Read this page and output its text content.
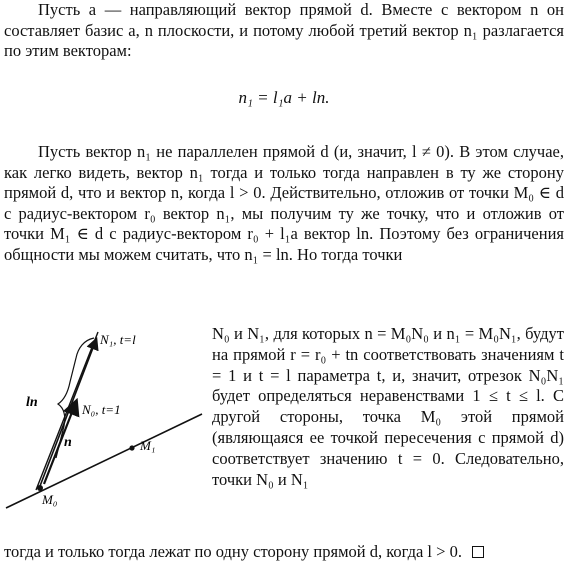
Пусть a — направляющий вектор прямой d. Вместе с вектором n он составляет базис a, n плоскости, и потому любой третий вектор n₁ разлагается по этим векторам:

n₁ = l₁a + ln.

Пусть вектор n₁ не параллелен прямой d (и, значит, l ≠ 0). В этом случае, как легко видеть, вектор n₁ тогда и только тогда направлен в ту же сторону прямой d, что и вектор n, когда l > 0. Действительно, отложив от точки M₀ ∈ d с радиус-вектором r₀ вектор n₁, мы получим ту же точку, что и отложив от точки M₁ ∈ d с радиус-вектором r₀ + l₁a вектор ln. Поэтому без ограничения общности мы можем считать, что n₁ = ln. Но тогда точки

N₁, t=l
N₀, t=1
ln
n	M₁
M₀

N₀ и N₁, для которых n = M₀N₀ и n₁ = M₀N₁, будут на прямой r = r₀ + tn соответствовать значениям t = 1 и t = l параметра t, и, значит, отрезок N₀N₁ будет определяться неравенствами 1 ≤ t ≤ l. С другой стороны, точка M₀ этой прямой (являющаяся ее точкой пересечения с прямой d) соответствует значению t = 0. Следовательно, точки N₀ и N₁

тогда и только тогда лежат по одну сторону прямой d, когда l > 0.
